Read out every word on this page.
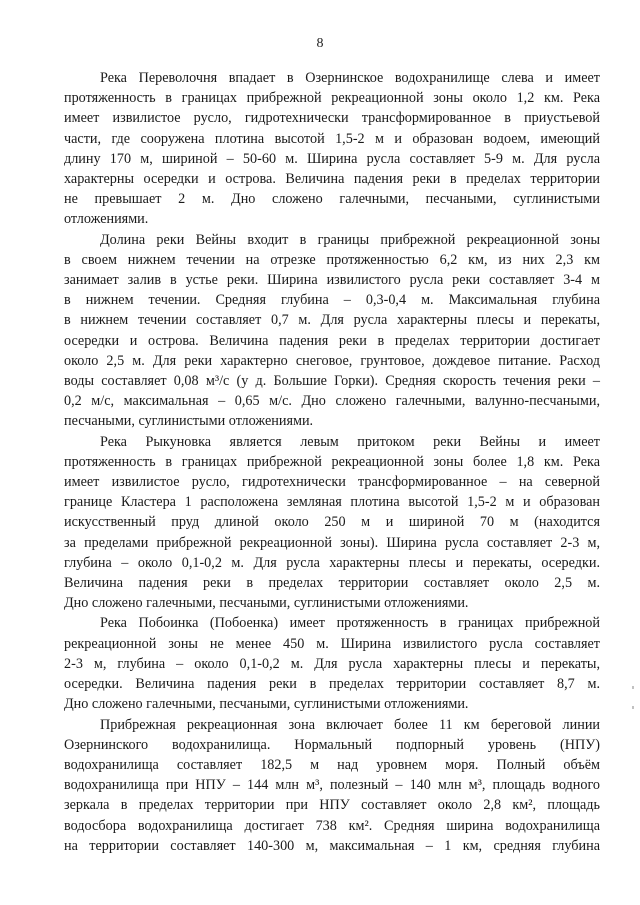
8

Река Переволочня впадает в Озернинское водохранилище слева и имеет
протяженность в границах прибрежной рекреационной зоны около 1,2 км. Река
имеет извилистое русло, гидротехнически трансформированное в приустьевой
части, где сооружена плотина высотой 1,5-2 м и образован водоем, имеющий
длину 170 м, шириной – 50-60 м. Ширина русла составляет 5-9 м. Для русла
характерны осередки и острова. Величина падения реки в пределах территории
не превышает 2 м. Дно сложено галечными, песчаными, суглинистыми
отложениями.

Долина реки Вейны входит в границы прибрежной рекреационной зоны
в своем нижнем течении на отрезке протяженностью 6,2 км, из них 2,3 км
занимает залив в устье реки. Ширина извилистого русла реки составляет 3-4 м
в нижнем течении. Средняя глубина – 0,3-0,4 м. Максимальная глубина
в нижнем течении составляет 0,7 м. Для русла характерны плесы и перекаты,
осередки и острова. Величина падения реки в пределах территории достигает
около 2,5 м. Для реки характерно снеговое, грунтовое, дождевое питание. Расход
воды составляет 0,08 м³/с (у д. Большие Горки). Средняя скорость течения реки –
0,2 м/с, максимальная – 0,65 м/с. Дно сложено галечными, валунно-песчаными,
песчаными, суглинистыми отложениями.

Река Рыкуновка является левым притоком реки Вейны и имеет
протяженность в границах прибрежной рекреационной зоны более 1,8 км. Река
имеет извилистое русло, гидротехнически трансформированное – на северной
границе Кластера 1 расположена земляная плотина высотой 1,5-2 м и образован
искусственный пруд длиной около 250 м и шириной 70 м (находится
за пределами прибрежной рекреационной зоны). Ширина русла составляет 2-3 м,
глубина – около 0,1-0,2 м. Для русла характерны плесы и перекаты, осередки.
Величина падения реки в пределах территории составляет около 2,5 м.
Дно сложено галечными, песчаными, суглинистыми отложениями.

Река Побоинка (Побоенка) имеет протяженность в границах прибрежной
рекреационной зоны не менее 450 м. Ширина извилистого русла составляет
2-3 м, глубина – около 0,1-0,2 м. Для русла характерны плесы и перекаты,
осередки. Величина падения реки в пределах территории составляет 8,7 м.
Дно сложено галечными, песчаными, суглинистыми отложениями.

Прибрежная рекреационная зона включает более 11 км береговой линии
Озернинского водохранилища. Нормальный подпорный уровень (НПУ)
водохранилища составляет 182,5 м над уровнем моря. Полный объём
водохранилища при НПУ – 144 млн м³, полезный – 140 млн м³, площадь водного
зеркала в пределах территории при НПУ составляет около 2,8 км², площадь
водосбора водохранилища достигает 738 км². Средняя ширина водохранилища
на территории составляет 140-300 м, максимальная – 1 км, средняя глубина
